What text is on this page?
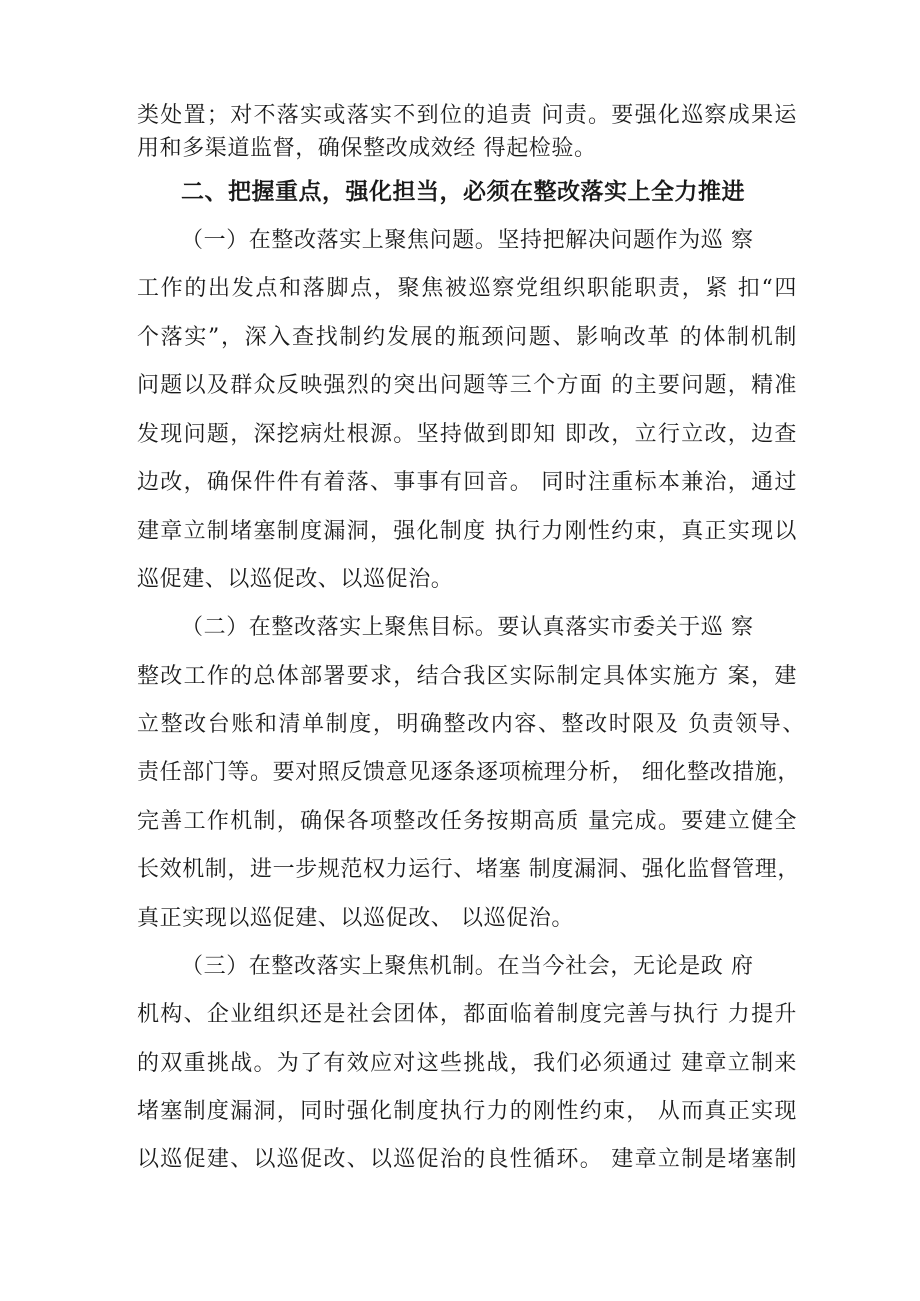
类处置；对不落实或落实不到位的追责 问责。要强化巡察成果运
用和多渠道监督，确保整改成效经 得起检验。
二、把握重点，强化担当，必须在整改落实上全力推进
（一）在整改落实上聚焦问题。坚持把解决问题作为巡 察
工作的出发点和落脚点，聚焦被巡察党组织职能职责，紧 扣“四
个落实”，深入查找制约发展的瓶颈问题、影响改革 的体制机制
问题以及群众反映强烈的突出问题等三个方面 的主要问题，精准
发现问题，深挖病灶根源。坚持做到即知 即改，立行立改，边查
边改，确保件件有着落、事事有回音。 同时注重标本兼治，通过
建章立制堵塞制度漏洞，强化制度 执行力刚性约束，真正实现以
巡促建、以巡促改、以巡促治。
（二）在整改落实上聚焦目标。要认真落实市委关于巡 察
整改工作的总体部署要求，结合我区实际制定具体实施方 案，建
立整改台账和清单制度，明确整改内容、整改时限及 负责领导、
责任部门等。要对照反馈意见逐条逐项梳理分析， 细化整改措施，
完善工作机制，确保各项整改任务按期高质 量完成。要建立健全
长效机制，进一步规范权力运行、堵塞 制度漏洞、强化监督管理，
真正实现以巡促建、以巡促改、 以巡促治。
（三）在整改落实上聚焦机制。在当今社会，无论是政 府
机构、企业组织还是社会团体，都面临着制度完善与执行 力提升
的双重挑战。为了有效应对这些挑战，我们必须通过 建章立制来
堵塞制度漏洞，同时强化制度执行力的刚性约束， 从而真正实现
以巡促建、以巡促改、以巡促治的良性循环。 建章立制是堵塞制
